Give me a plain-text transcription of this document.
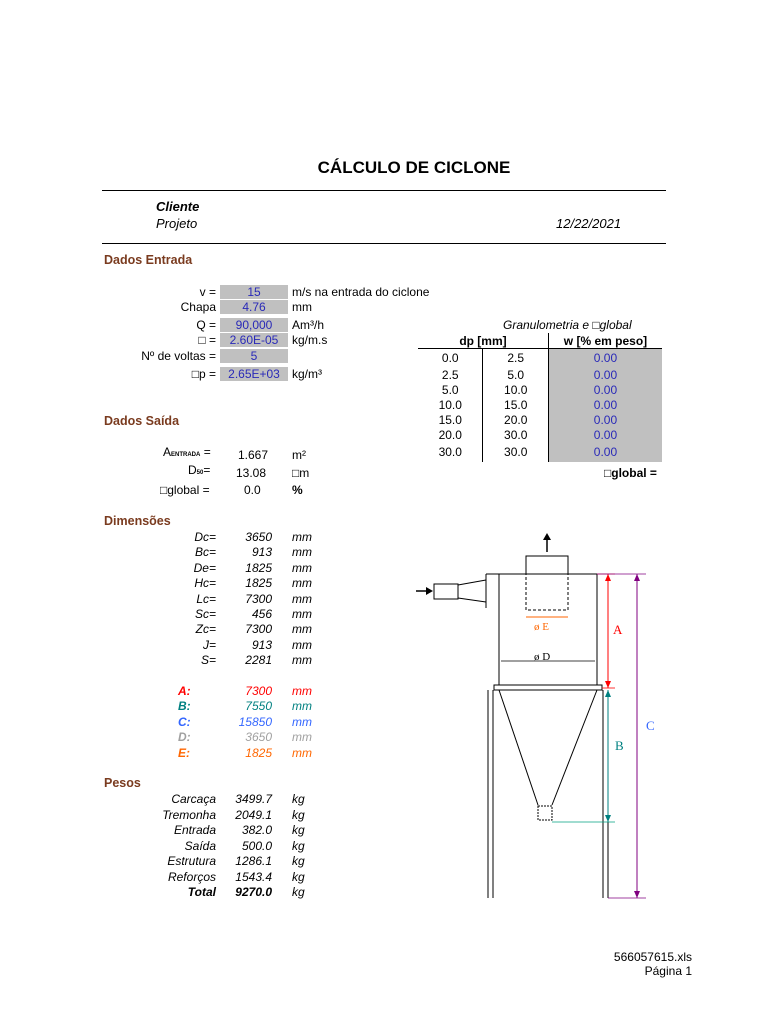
CÁLCULO DE CICLONE
Cliente
Projeto	12/22/2021
Dados Entrada
v =	15	m/s na entrada do ciclone
Chapa	4.76	mm
Q =	90,000	Am³/h
□ =	2.60E-05	kg/m.s
Nº de voltas =	5
□p =	2.65E+03	kg/m³
Granulometria e □global
dp [mm]		w [% em peso]
0.0	2.5	0.00
2.5	5.0	0.00
5.0	10.0	0.00
10.0	15.0	0.00
15.0	20.0	0.00
20.0	30.0	0.00
30.0	30.0	0.00
□global =
Dados Saída
AENTRADA = 1.667 m²
D50= 13.08 □m
□global =	0.0	%
Dimensões
Dc=	3650 mm
Bc=	913 mm
De=	1825 mm
Hc=	1825 mm
Lc=	7300 mm
Sc=	456 mm
Zc=	7300 mm
J=	913 mm
S=	2281 mm
A:	7300 mm
B:	7550 mm
C:	15850 mm
D:	3650 mm
E:	1825 mm
Pesos
Carcaça	3499.7 kg
Tremonha	2049.1 kg
Entrada	382.0 kg
Saída	500.0 kg
Estrutura	1286.1 kg
Reforços	1543.4 kg
Total	9270.0 kg
ø E
ø D
A
B
C
566057615.xls
Página 1
